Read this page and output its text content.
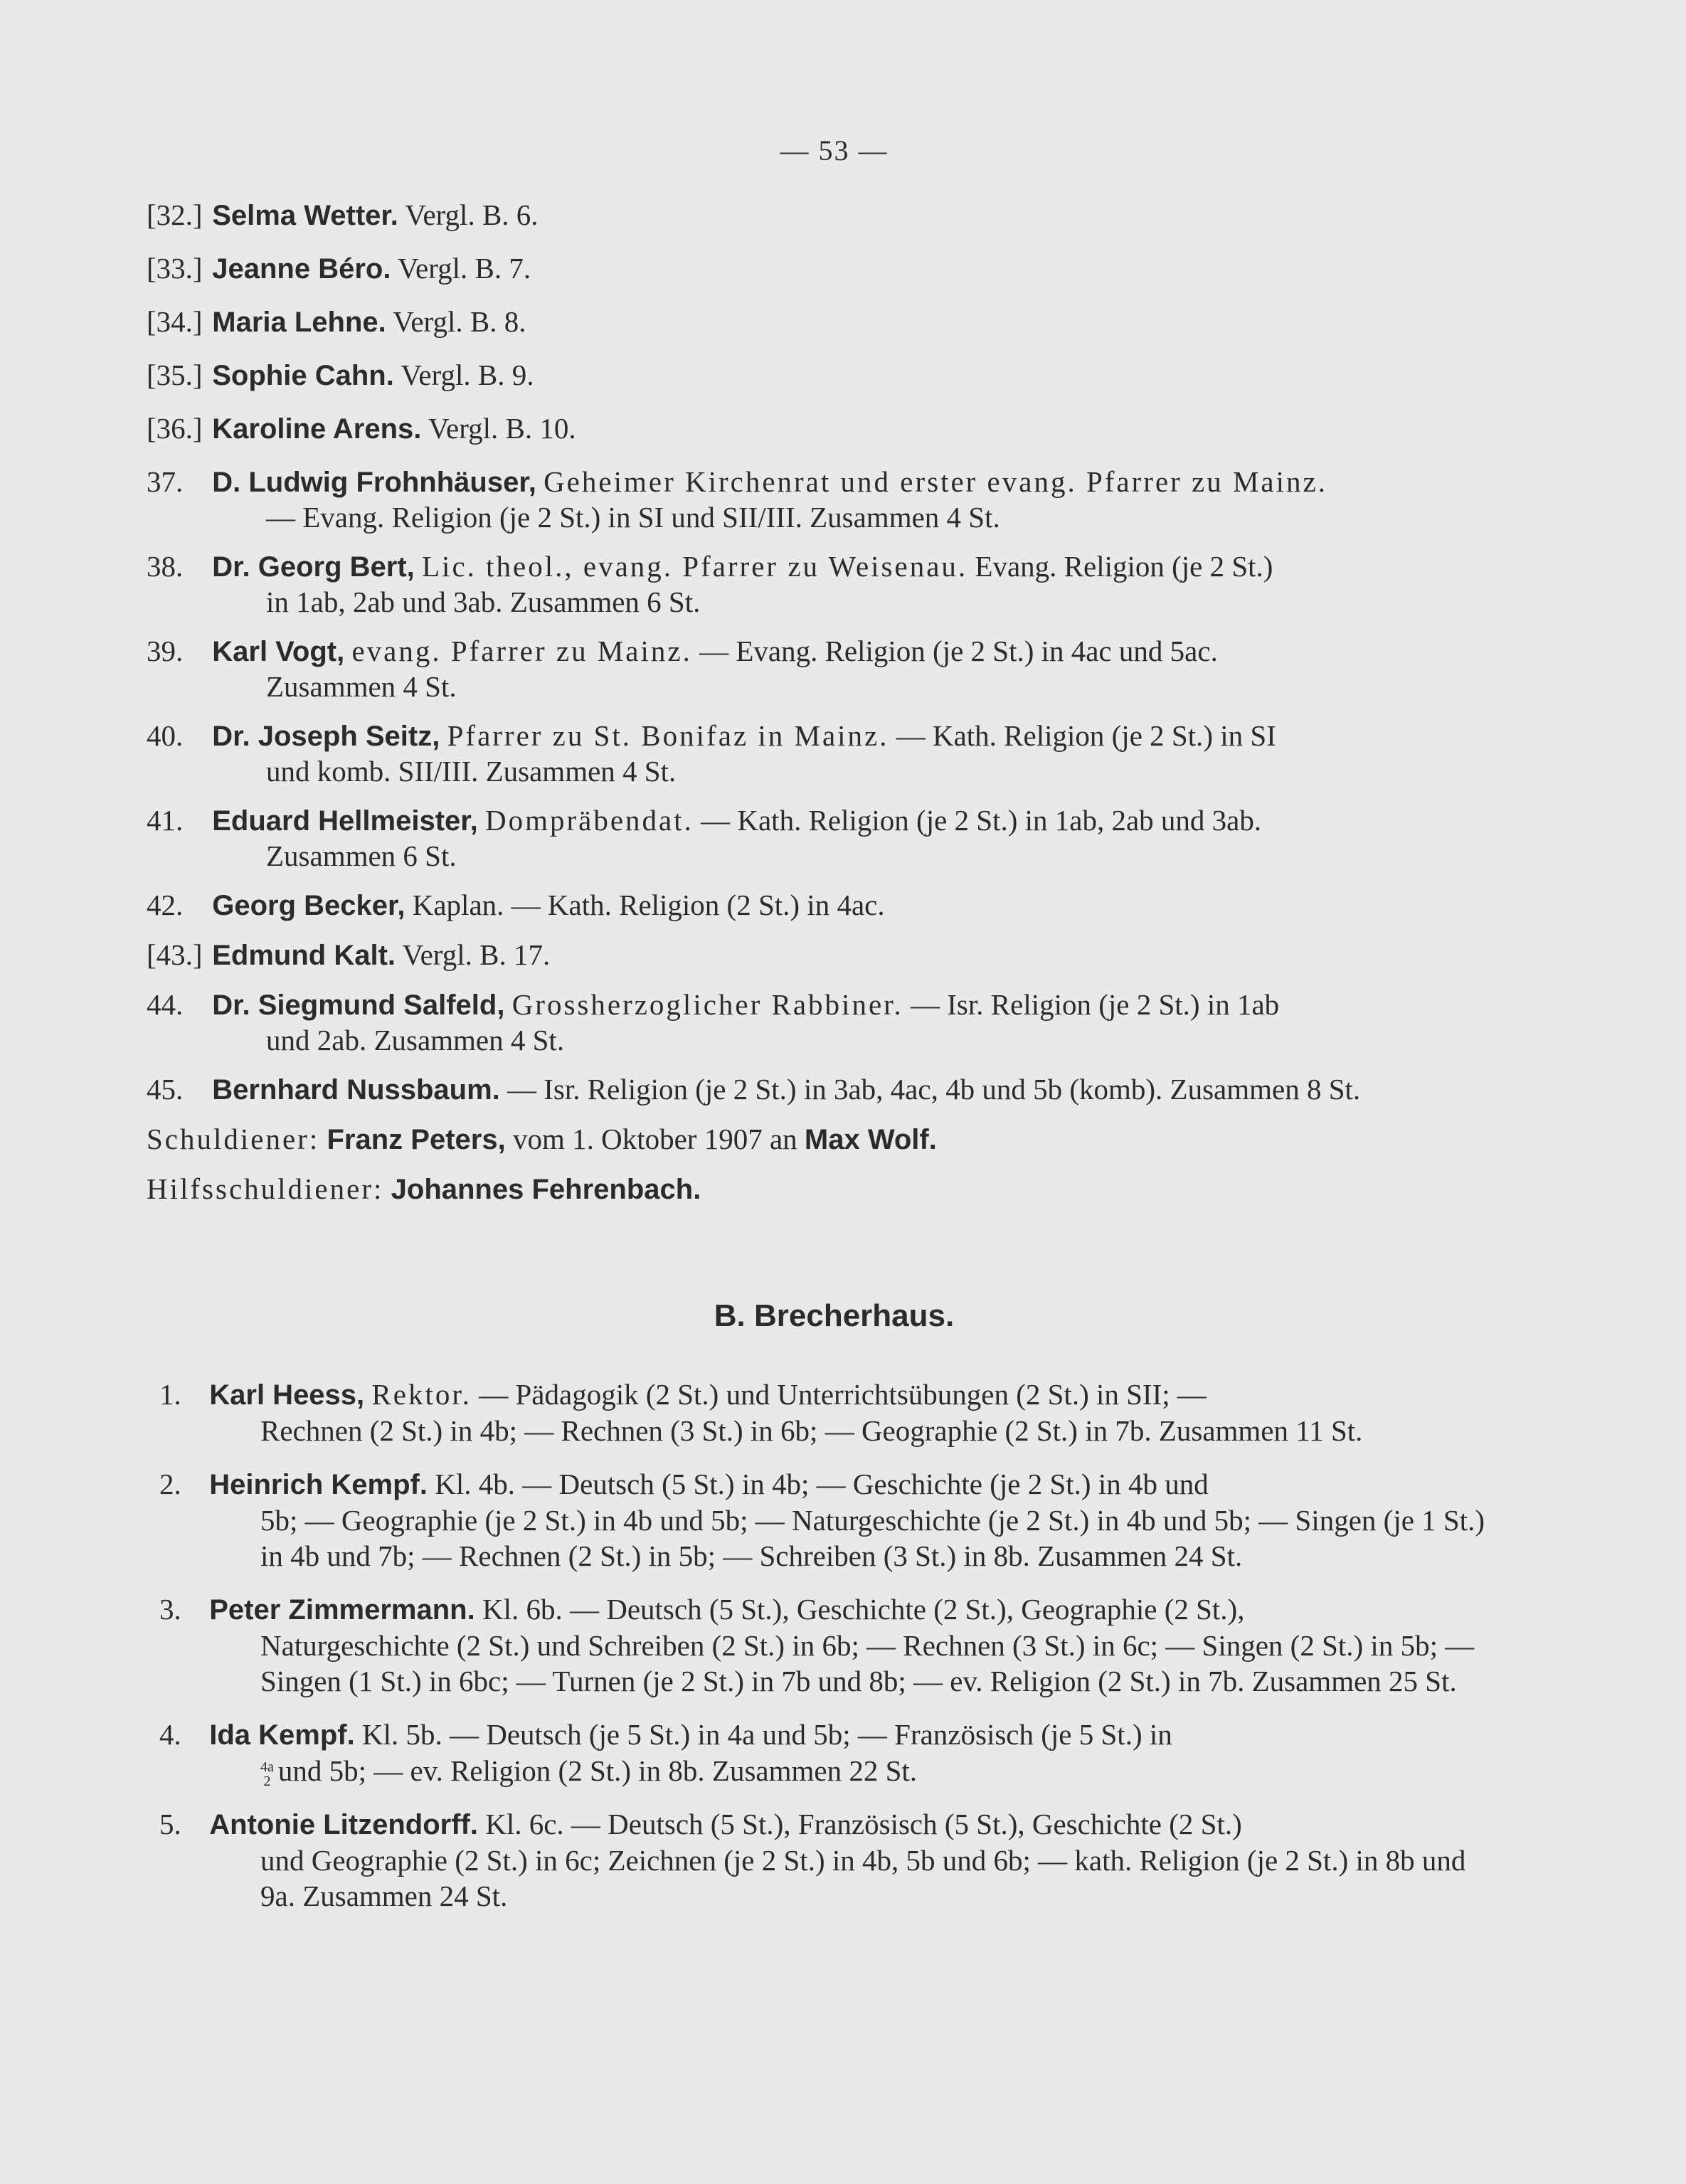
— 53 —
[32.] Selma Wetter. Vergl. B. 6.
[33.] Jeanne Béro. Vergl. B. 7.
[34.] Maria Lehne. Vergl. B. 8.
[35.] Sophie Cahn. Vergl. B. 9.
[36.] Karoline Arens. Vergl. B. 10.
37. D. Ludwig Frohnhäuser, Geheimer Kirchenrat und erster evang. Pfarrer zu Mainz.
— Evang. Religion (je 2 St.) in SI und SII/III. Zusammen 4 St.
38. Dr. Georg Bert, Lic. theol., evang. Pfarrer zu Weisenau. Evang. Religion (je 2 St.)
in 1ab, 2ab und 3ab. Zusammen 6 St.
39. Karl Vogt, evang. Pfarrer zu Mainz. — Evang. Religion (je 2 St.) in 4ac und 5ac.
Zusammen 4 St.
40. Dr. Joseph Seitz, Pfarrer zu St. Bonifaz in Mainz. — Kath. Religion (je 2 St.) in SI
und komb. SII/III. Zusammen 4 St.
41. Eduard Hellmeister, Dompräbendat. — Kath. Religion (je 2 St.) in 1ab, 2ab und 3ab.
Zusammen 6 St.
42. Georg Becker, Kaplan. — Kath. Religion (2 St.) in 4ac.
[43.] Edmund Kalt. Vergl. B. 17.
44. Dr. Siegmund Salfeld, Grossherzoglicher Rabbiner. — Isr. Religion (je 2 St.) in 1ab
und 2ab. Zusammen 4 St.
45. Bernhard Nussbaum. — Isr. Religion (je 2 St.) in 3ab, 4ac, 4b und 5b (komb). Zusammen 8 St.
Schuldiener: Franz Peters, vom 1. Oktober 1907 an Max Wolf.
Hilfsschuldiener: Johannes Fehrenbach.
B. Brecherhaus.
1. Karl Heess, Rektor. — Pädagogik (2 St.) und Unterrichtsübungen (2 St.) in SII; —
Rechnen (2 St.) in 4b; — Rechnen (3 St.) in 6b; — Geographie (2 St.) in 7b. Zusammen 11 St.
2. Heinrich Kempf. Kl. 4b. — Deutsch (5 St.) in 4b; — Geschichte (je 2 St.) in 4b und
5b; — Geographie (je 2 St.) in 4b und 5b; — Naturgeschichte (je 2 St.) in 4b und 5b; — Singen (je 1 St.) in 4b und 7b; — Rechnen (2 St.) in 5b; — Schreiben (3 St.) in 8b. Zusammen 24 St.
3. Peter Zimmermann. Kl. 6b. — Deutsch (5 St.), Geschichte (2 St.), Geographie (2 St.),
Naturgeschichte (2 St.) und Schreiben (2 St.) in 6b; — Rechnen (3 St.) in 6c; — Singen (2 St.) in 5b; — Singen (1 St.) in 6bc; — Turnen (je 2 St.) in 7b und 8b; — ev. Religion (2 St.) in 7b. Zusammen 25 St.
4. Ida Kempf. Kl. 5b. — Deutsch (je 5 St.) in 4a und 5b; — Französisch (je 5 St.) in
4a
2 und 5b; — ev. Religion (2 St.) in 8b. Zusammen 22 St.
5. Antonie Litzendorff. Kl. 6c. — Deutsch (5 St.), Französisch (5 St.), Geschichte (2 St.)
und Geographie (2 St.) in 6c; Zeichnen (je 2 St.) in 4b, 5b und 6b; — kath. Religion (je 2 St.) in 8b und 9a. Zusammen 24 St.
